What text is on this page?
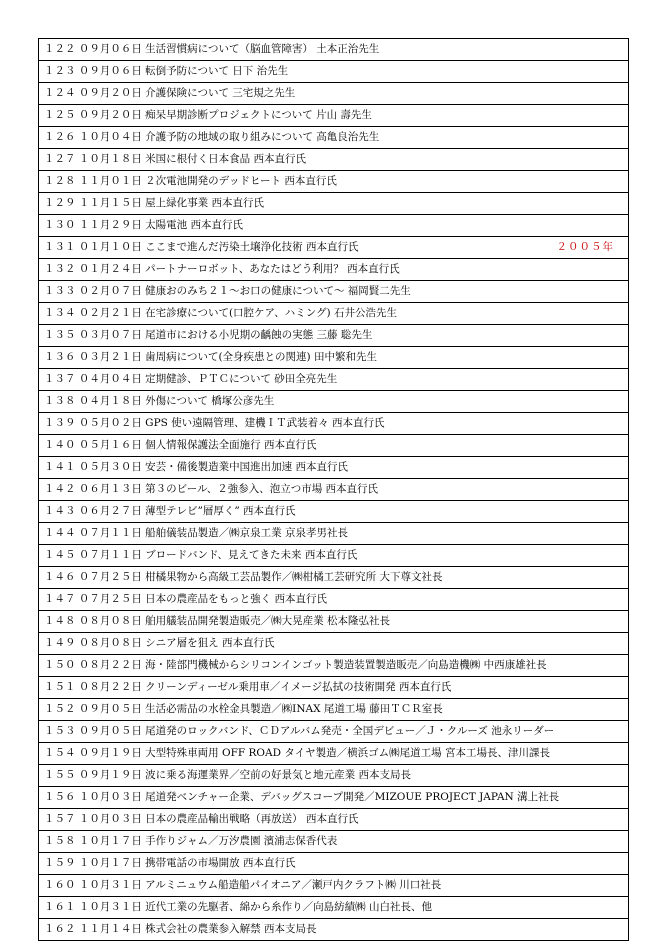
１２２ ０９月０６日 生活習慣病について（脳血管障害） 土本正治先生
１２３ ０９月０６日 転倒予防について 日下 治先生
１２４ ０９月２０日 介護保険について 三宅規之先生
１２５ ０９月２０日 痴呆早期診断プロジェクトについて 片山 壽先生
１２６ １０月０４日 介護予防の地域の取り組みについて 高亀良治先生
１２７ １０月１８日 米国に根付く日本食品 西本直行氏
１２８ １１月０１日 ２次電池開発のデッドヒート 西本直行氏
１２９ １１月１５日 屋上緑化事業 西本直行氏
１３０ １１月２９日 太陽電池 西本直行氏
１３１ ０１月１０日 ここまで進んだ汚染土壌浄化技術 西本直行氏	２００５年
１３２ ０１月２４日 パートナーロボット、あなたはどう利用？ 西本直行氏
１３３ ０２月０７日 健康おのみち２１〜お口の健康について〜 福岡賢二先生
１３４ ０２月２１日 在宅診療について(口腔ケア、ハミング) 石井公浩先生
１３５ ０３月０７日 尾道市における小児期の齲蝕の実態 三藤 聡先生
１３６ ０３月２１日 歯周病について(全身疾患との関連) 田中繁和先生
１３７ ０４月０４日 定期健診、ＰＴＣについて 砂田全亮先生
１３８ ０４月１８日 外傷について 橋塚公彦先生
１３９ ０５月０２日 GPS 使い遠隔管理、建機ＩＴ武装着々 西本直行氏
１４０ ０５月１６日 個人情報保護法全面施行 西本直行氏
１４１ ０５月３０日 安芸・備後製造業中国進出加速 西本直行氏
１４２ ０６月１３日 第３のビール、２強参入、泡立つ市場 西本直行氏
１４３ ０６月２７日 薄型テレビ”層厚く” 西本直行氏
１４４ ０７月１１日 船舶儀装品製造／㈱京泉工業 京泉孝男社長
１４５ ０７月１１日 ブロードバンド、見えてきた未来 西本直行氏
１４６ ０７月２５日 柑橘果物から高級工芸品製作／㈱柑橘工芸研究所 大下尊文社長
１４７ ０７月２５日 日本の農産品をもっと強く 西本直行氏
１４８ ０８月０８日 舶用艤装品開発製造販売／㈱大晃産業 松本隆弘社長
１４９ ０８月０８日 シニア層を狙え 西本直行氏
１５０ ０８月２２日 海・陸部門機械からシリコンインゴット製造装置製造販売／向島造機㈱ 中西康雄社長
１５１ ０８月２２日 クリーンディーゼル乗用車／イメージ払拭の技術開発 西本直行氏
１５２ ０９月０５日 生活必需品の水栓金具製造／㈱INAX 尾道工場 藤田ＴＣＲ室長
１５３ ０９月０５日 尾道発のロックバンド、ＣＤアルバム発売・全国デビュー／Ｊ・クルーズ 池永リーダー
１５４ ０９月１９日 大型特殊車両用 OFF ROAD タイヤ製造／横浜ゴム㈱尾道工場 宮本工場長、津川課長
１５５ ０９月１９日 波に乗る海運業界／空前の好景気と地元産業 西本支局長
１５６ １０月０３日 尾道発ベンチャー企業、デバッグスコープ開発／MIZOUE PROJECT JAPAN 溝上社長
１５７ １０月０３日 日本の農産品輸出戦略（再放送） 西本直行氏
１５８ １０月１７日 手作りジャム／万汐農園 濱浦志保香代表
１５９ １０月１７日 携帯電話の市場開放 西本直行氏
１６０ １０月３１日 アルミニュウム船造船パイオニア／瀬戸内クラフト㈱ 川口社長
１６１ １０月３１日 近代工業の先駆者、綿から糸作り／向島紡績㈱ 山白社長、他
１６２ １１月１４日 株式会社の農業参入解禁 西本支局長
